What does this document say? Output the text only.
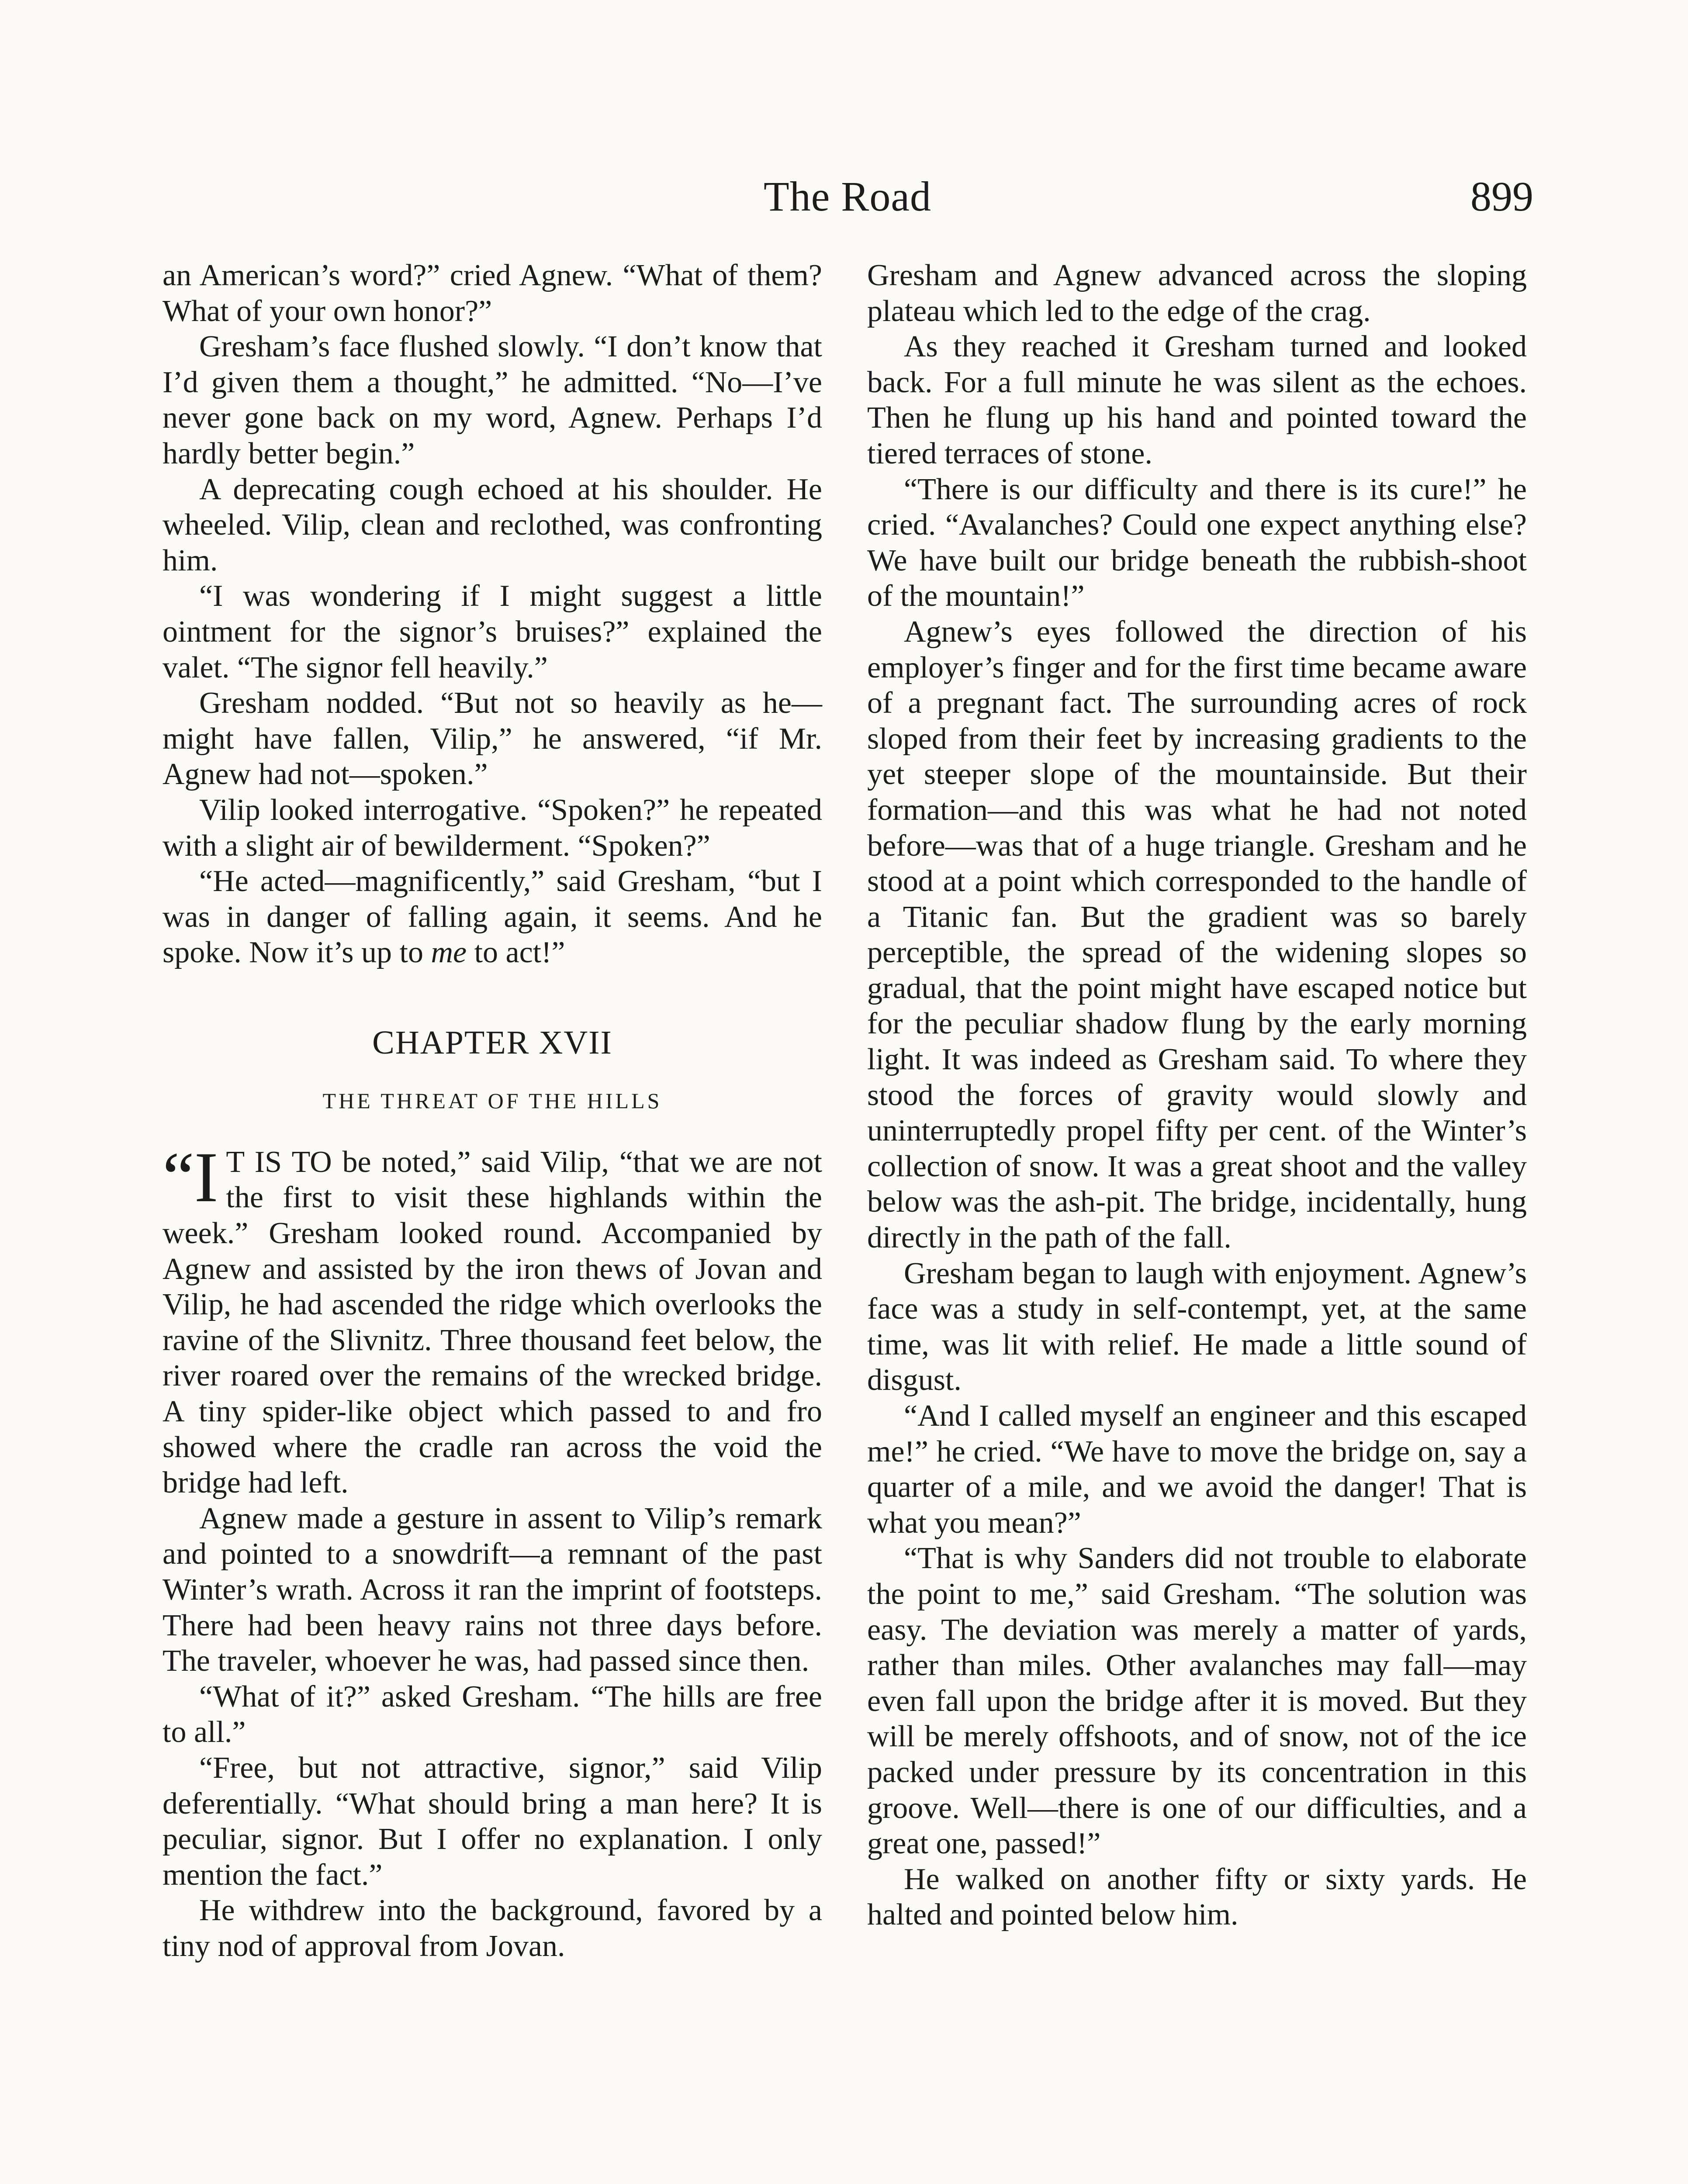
The Road	899

an American’s word?” cried Agnew. “What of them? What of your own honor?”

Gresham’s face flushed slowly. “I don’t know that I’d given them a thought,” he admitted. “No—I’ve never gone back on my word, Agnew. Perhaps I’d hardly better begin.”

A deprecating cough echoed at his shoulder. He wheeled. Vilip, clean and reclothed, was confronting him.

“I was wondering if I might suggest a little ointment for the signor’s bruises?” explained the valet. “The signor fell heavily.”

Gresham nodded. “But not so heavily as he—might have fallen, Vilip,” he answered, “if Mr. Agnew had not—spoken.”

Vilip looked interrogative. “Spoken?” he repeated with a slight air of bewilderment. “Spoken?”

“He acted—magnificently,” said Gresham, “but I was in danger of falling again, it seems. And he spoke. Now it’s up to me to act!”

CHAPTER XVII
THE THREAT OF THE HILLS

“I T IS TO be noted,” said Vilip, “that we are not the first to visit these highlands within the week.” Gresham looked round. Accompanied by Agnew and assisted by the iron thews of Jovan and Vilip, he had ascended the ridge which overlooks the ravine of the Slivnitz. Three thousand feet below, the river roared over the remains of the wrecked bridge. A tiny spider-like object which passed to and fro showed where the cradle ran across the void the bridge had left.

Agnew made a gesture in assent to Vilip’s remark and pointed to a snowdrift—a remnant of the past Winter’s wrath. Across it ran the imprint of footsteps. There had been heavy rains not three days before. The traveler, whoever he was, had passed since then.

“What of it?” asked Gresham. “The hills are free to all.”

“Free, but not attractive, signor,” said Vilip deferentially. “What should bring a man here? It is peculiar, signor. But I offer no explanation. I only mention the fact.”

He withdrew into the background, favored by a tiny nod of approval from Jovan.

Gresham and Agnew advanced across the sloping plateau which led to the edge of the crag.

As they reached it Gresham turned and looked back. For a full minute he was silent as the echoes. Then he flung up his hand and pointed toward the tiered terraces of stone.

“There is our difficulty and there is its cure!” he cried. “Avalanches? Could one expect anything else? We have built our bridge beneath the rubbish-shoot of the mountain!”

Agnew’s eyes followed the direction of his employer’s finger and for the first time became aware of a pregnant fact. The surrounding acres of rock sloped from their feet by increasing gradients to the yet steeper slope of the mountainside. But their formation—and this was what he had not noted before—was that of a huge triangle. Gresham and he stood at a point which corresponded to the handle of a Titanic fan. But the gradient was so barely perceptible, the spread of the widening slopes so gradual, that the point might have escaped notice but for the peculiar shadow flung by the early morning light. It was indeed as Gresham said. To where they stood the forces of gravity would slowly and uninterruptedly propel fifty per cent. of the Winter’s collection of snow. It was a great shoot and the valley below was the ash-pit. The bridge, incidentally, hung directly in the path of the fall.

Gresham began to laugh with enjoyment. Agnew’s face was a study in self-contempt, yet, at the same time, was lit with relief. He made a little sound of disgust.

“And I called myself an engineer and this escaped me!” he cried. “We have to move the bridge on, say a quarter of a mile, and we avoid the danger! That is what you mean?”

“That is why Sanders did not trouble to elaborate the point to me,” said Gresham. “The solution was easy. The deviation was merely a matter of yards, rather than miles. Other avalanches may fall—may even fall upon the bridge after it is moved. But they will be merely offshoots, and of snow, not of the ice packed under pressure by its concentration in this groove. Well—there is one of our difficulties, and a great one, passed!”

He walked on another fifty or sixty yards. He halted and pointed below him.
